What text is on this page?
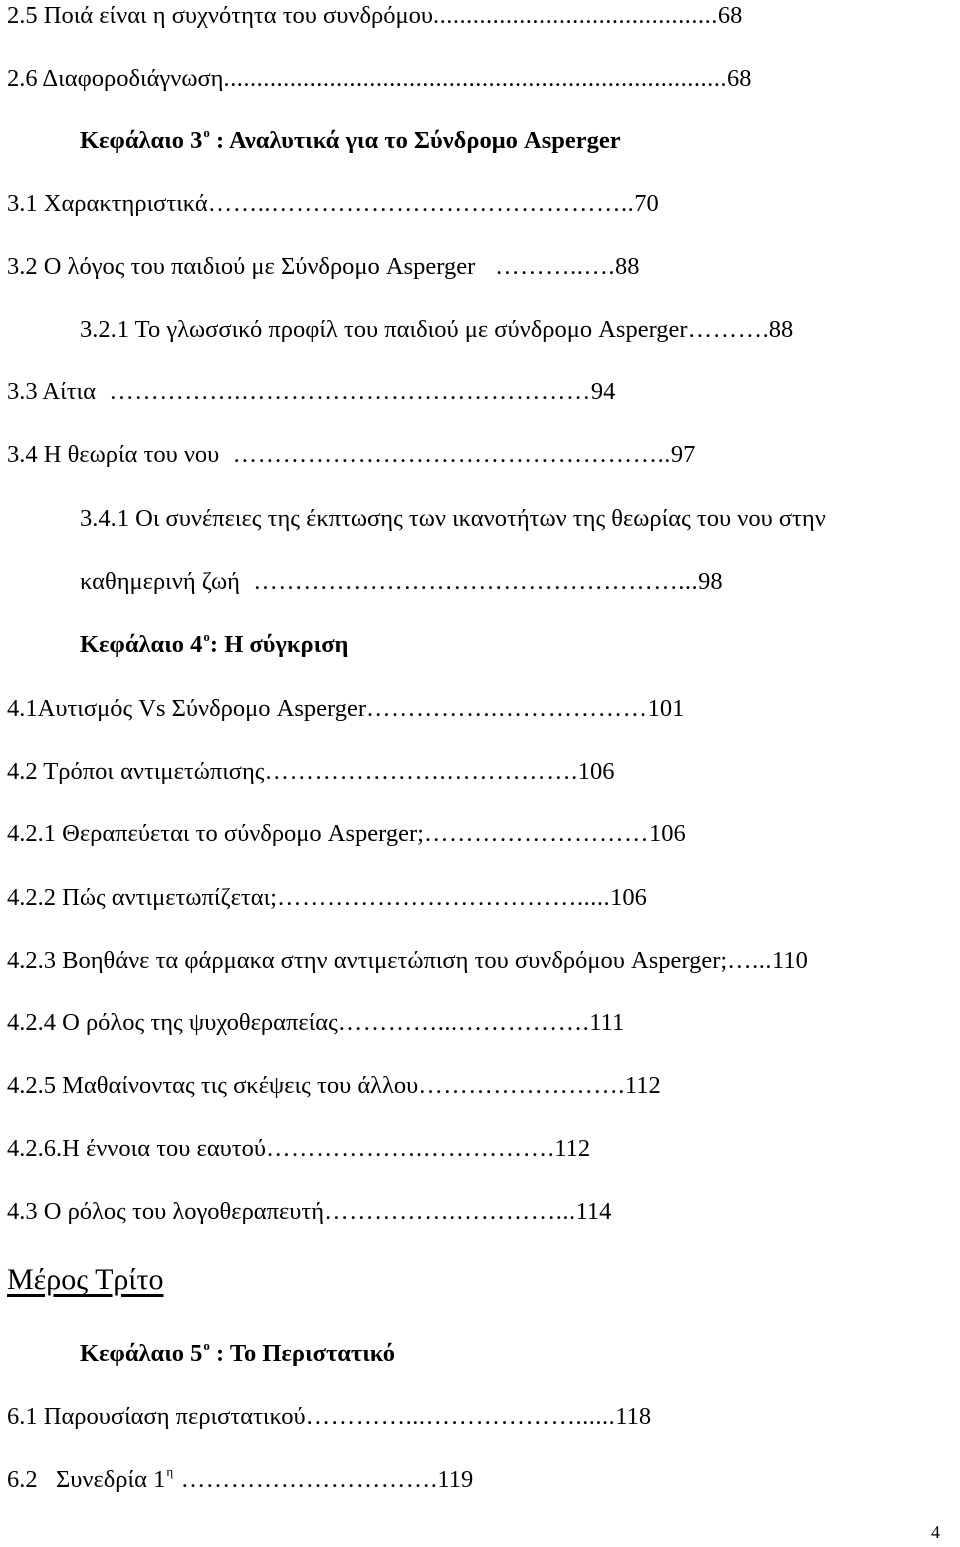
2.5 Ποιά είναι η συχνότητα του συνδρόμου...........................................68
2.6 Διαφοροδιάγνωση............................................................................68
Κεφάλαιο $3^o$ : Αναλυτικά για το Σύνδρομο Asperger
3.1 Χαρακτηριστικά……..……………………………………..70
3.2 Ο λόγος του παιδιού με Σύνδρομο Asperger   ………..….88
3.2.1 Το γλωσσικό προφίλ του παιδιού με σύνδρομο Asperger……….88
3.3 Αίτια  …………….……………………………………94
3.4 Η θεωρία του νου  ……………………………………………..97
3.4.1 Οι συνέπειες της έκπτωσης των ικανοτήτων της θεωρίας του νου στην
καθημερινή ζωή  ……………………………………………...98
Κεφάλαιο $4^o$: Η σύγκριση
4.1Αυτισμός Vs Σύνδρομο Asperger…………….………………101
4.2 Τρόποι αντιμετώπισης………………….…………….106
4.2.1 Θεραπεύεται το σύνδρομο Asperger;………………………106
4.2.2 Πώς αντιμετωπίζεται;……………………………….....106
4.2.3 Βοηθάνε τα φάρμακα στην αντιμετώπιση του συνδρόμου Asperger;…...110
4.2.4 Ο ρόλος της ψυχοθεραπείας…………...…………….111
4.2.5 Μαθαίνοντας τις σκέψεις του άλλου…………………….112
4.2.6.Η έννοια του εαυτού……………….…………….112
4.3 Ο ρόλος του λογοθεραπευτή…………….…………...114
Μέρος Τρίτο
Κεφάλαιο $5^o$ : Το Περιστατικό
6.1 Παρουσίαση περιστατικού…………...………………......118
6.2   Συνεδρία $1^\eta$ ………………………….119
4
